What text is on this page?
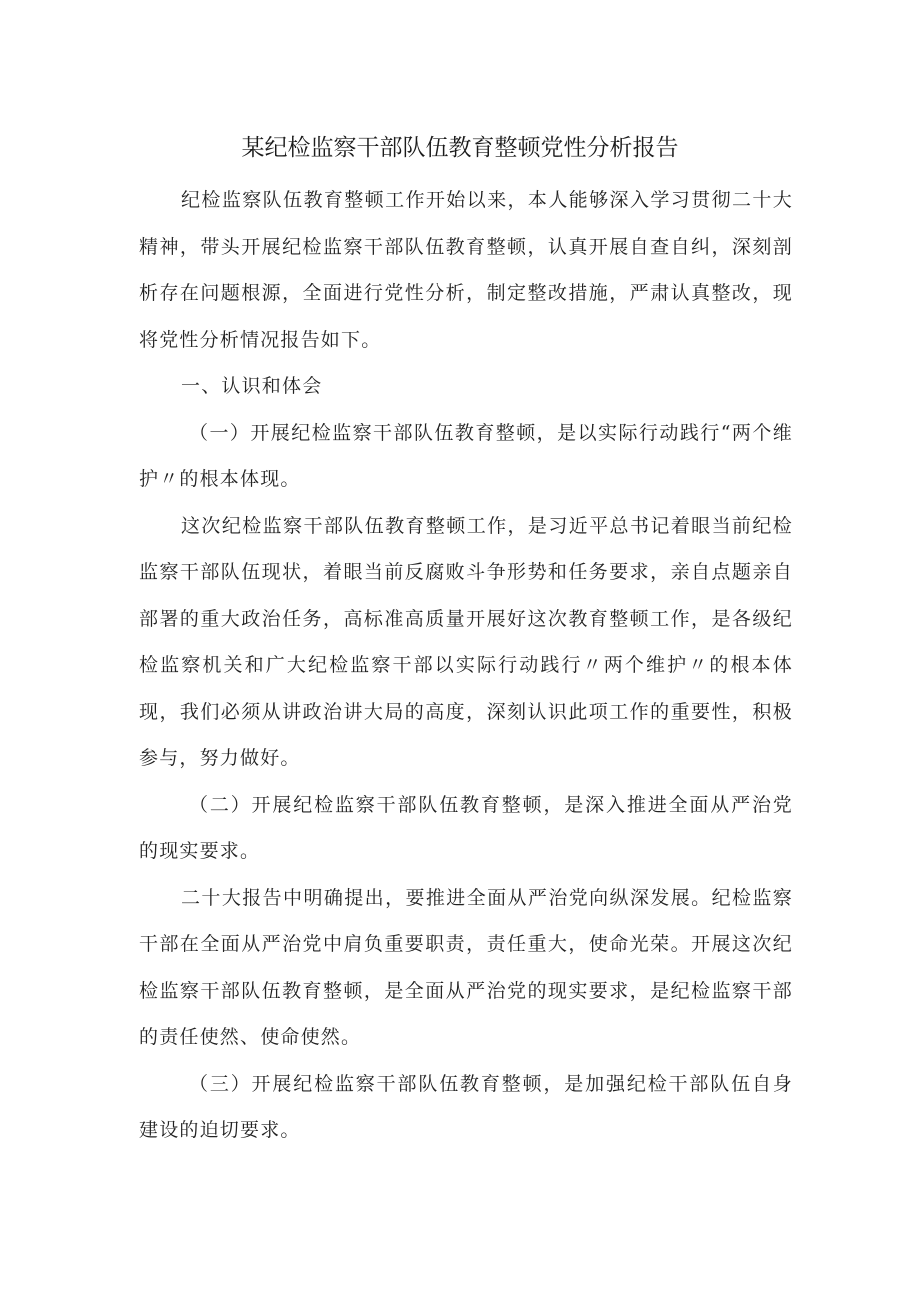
某纪检监察干部队伍教育整顿党性分析报告

纪检监察队伍教育整顿工作开始以来，本人能够深入学习贯彻二十大精神，带头开展纪检监察干部队伍教育整顿，认真开展自查自纠，深刻剖析存在问题根源，全面进行党性分析，制定整改措施，严肃认真整改，现将党性分析情况报告如下。

一、认识和体会

（一）开展纪检监察干部队伍教育整顿，是以实际行动践行“两个维护〃的根本体现。

这次纪检监察干部队伍教育整顿工作，是习近平总书记着眼当前纪检监察干部队伍现状，着眼当前反腐败斗争形势和任务要求，亲自点题亲自部署的重大政治任务，高标准高质量开展好这次教育整顿工作，是各级纪检监察机关和广大纪检监察干部以实际行动践行〃两个维护〃的根本体现，我们必须从讲政治讲大局的高度，深刻认识此项工作的重要性，积极参与，努力做好。

（二）开展纪检监察干部队伍教育整顿，是深入推进全面从严治党的现实要求。

二十大报告中明确提出，要推进全面从严治党向纵深发展。纪检监察干部在全面从严治党中肩负重要职责，责任重大，使命光荣。开展这次纪检监察干部队伍教育整顿，是全面从严治党的现实要求，是纪检监察干部的责任使然、使命使然。

（三）开展纪检监察干部队伍教育整顿，是加强纪检干部队伍自身建设的迫切要求。
